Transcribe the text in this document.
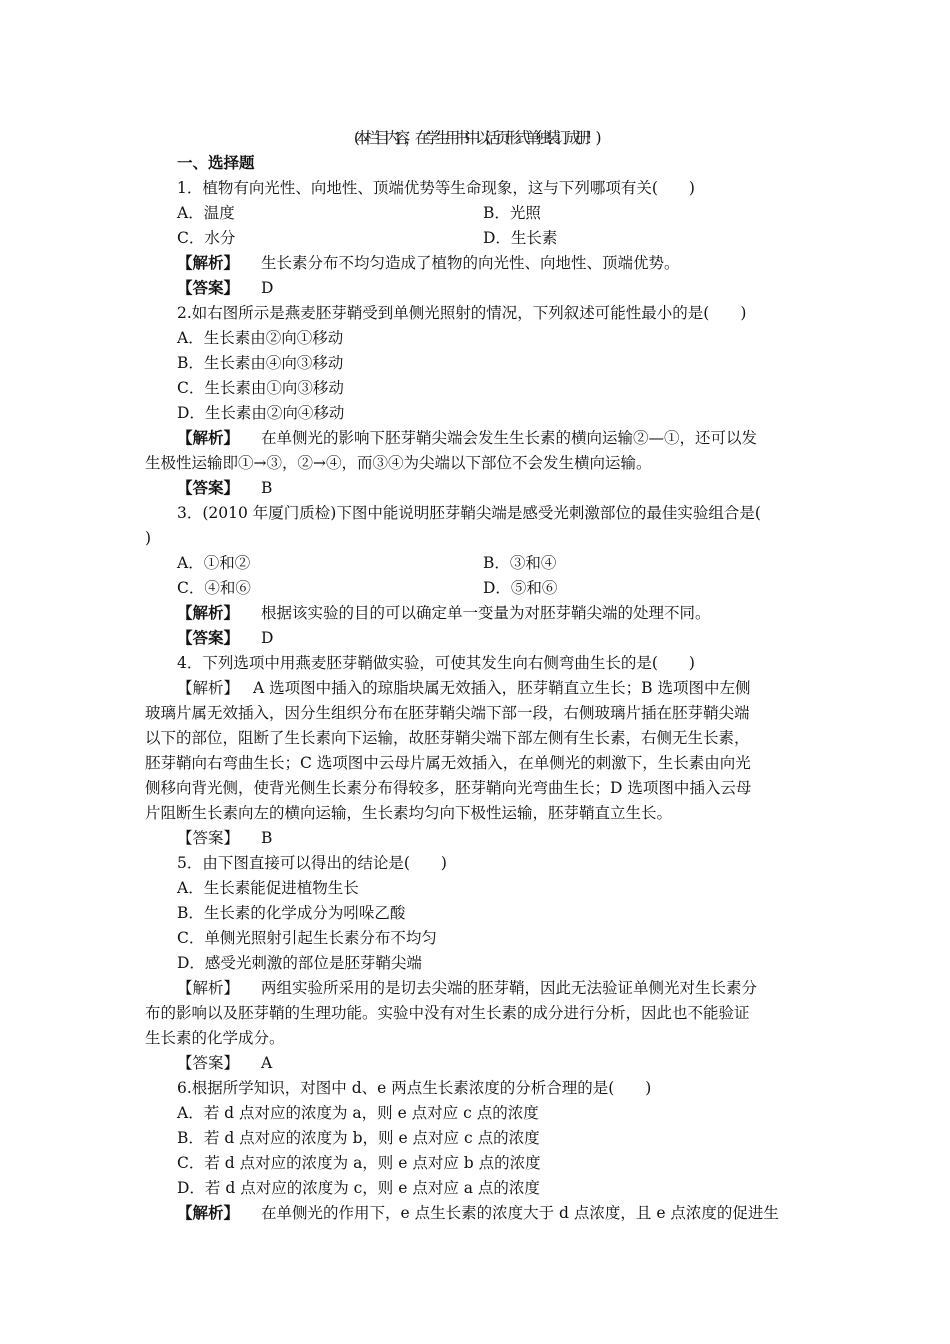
(本栏目内容，在学生用书中以活页形式单独装订成册！)
一、选择题
1．植物有向光性、向地性、顶端优势等生命现象，这与下列哪项有关(　　)
A．温度	B．光照
C．水分	D．生长素
【解析】 生长素分布不均匀造成了植物的向光性、向地性、顶端优势。
【答案】 D
2.如右图所示是燕麦胚芽鞘受到单侧光照射的情况，下列叙述可能性最小的是(　　)
A．生长素由②向①移动
B．生长素由④向③移动
C．生长素由①向③移动
D．生长素由②向④移动
【解析】 在单侧光的影响下胚芽鞘尖端会发生生长素的横向运输②—①，还可以发
生极性运输即①→③，②→④，而③④为尖端以下部位不会发生横向运输。
【答案】 B
3．(2010 年厦门质检)下图中能说明胚芽鞘尖端是感受光刺激部位的最佳实验组合是(
)
A．①和②	B．③和④
C．④和⑥	D．⑤和⑥
【解析】 根据该实验的目的可以确定单一变量为对胚芽鞘尖端的处理不同。
【答案】 D
4．下列选项中用燕麦胚芽鞘做实验，可使其发生向右侧弯曲生长的是(　　)
【解析】 A 选项图中插入的琼脂块属无效插入，胚芽鞘直立生长；B 选项图中左侧
玻璃片属无效插入，因分生组织分布在胚芽鞘尖端下部一段，右侧玻璃片插在胚芽鞘尖端
以下的部位，阻断了生长素向下运输，故胚芽鞘尖端下部左侧有生长素，右侧无生长素，
胚芽鞘向右弯曲生长；C 选项图中云母片属无效插入，在单侧光的刺激下，生长素由向光
侧移向背光侧，使背光侧生长素分布得较多，胚芽鞘向光弯曲生长；D 选项图中插入云母
片阻断生长素向左的横向运输，生长素均匀向下极性运输，胚芽鞘直立生长。
【答案】 B
5．由下图直接可以得出的结论是(　　)
A．生长素能促进植物生长
B．生长素的化学成分为吲哚乙酸
C．单侧光照射引起生长素分布不均匀
D．感受光刺激的部位是胚芽鞘尖端
【解析】 两组实验所采用的是切去尖端的胚芽鞘，因此无法验证单侧光对生长素分
布的影响以及胚芽鞘的生理功能。实验中没有对生长素的成分进行分析，因此也不能验证
生长素的化学成分。
【答案】 A
6.根据所学知识，对图中 d、e 两点生长素浓度的分析合理的是(　　)
A．若 d 点对应的浓度为 a，则 e 点对应 c 点的浓度
B．若 d 点对应的浓度为 b，则 e 点对应 c 点的浓度
C．若 d 点对应的浓度为 a，则 e 点对应 b 点的浓度
D．若 d 点对应的浓度为 c，则 e 点对应 a 点的浓度
【解析】 在单侧光的作用下，e 点生长素的浓度大于 d 点浓度，且 e 点浓度的促进生
